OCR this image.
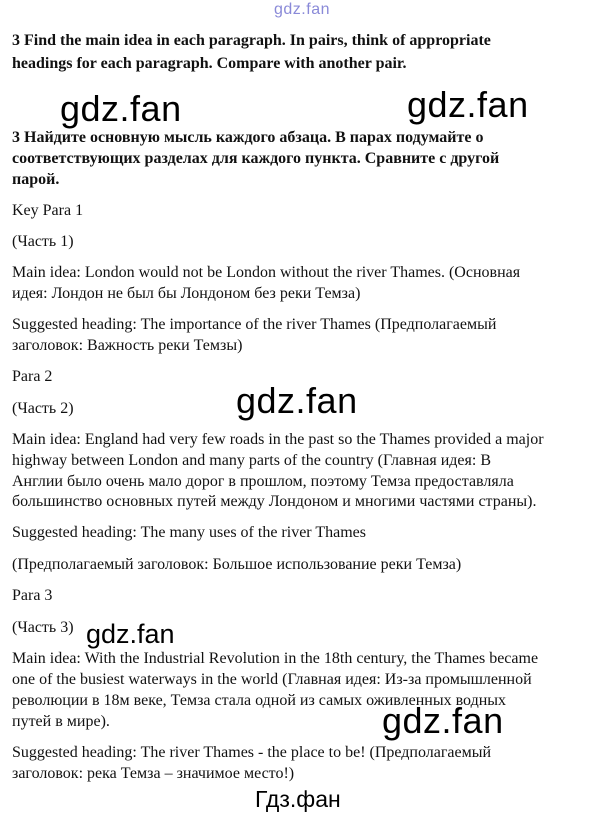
gdz.fan
3 Find the main idea in each paragraph. In pairs, think of appropriate
headings for each paragraph. Compare with another pair.
gdz.fan	gdz.fan
3 Найдите основную мысль каждого абзаца. В парах подумайте о
соответствующих разделах для каждого пункта. Сравните с другой
парой.
Key Para 1
(Часть 1)
Main idea: London would not be London without the river Thames. (Основная
идея: Лондон не был бы Лондоном без реки Темза)
Suggested heading: The importance of the river Thames (Предполагаемый
заголовок: Важность реки Темзы)
Para 2
gdz.fan
(Часть 2)
Main idea: England had very few roads in the past so the Thames provided a major
highway between London and many parts of the country (Главная идея: В
Англии было очень мало дорог в прошлом, поэтому Темза предоставляла
большинство основных путей между Лондоном и многими частями страны).
Suggested heading: The many uses of the river Thames
(Предполагаемый заголовок: Большое использование реки Темза)
Para 3
(Часть 3) gdz.fan
Main idea: With the Industrial Revolution in the 18th century, the Thames became
one of the busiest waterways in the world (Главная идея: Из-за промышленной
революции в 18м веке, Темза стала одной из самых оживленных водных
путей в мире).	gdz.fan
Suggested heading: The river Thames - the place to be! (Предполагаемый
заголовок: река Темза – значимое место!)
Гдз.фан
